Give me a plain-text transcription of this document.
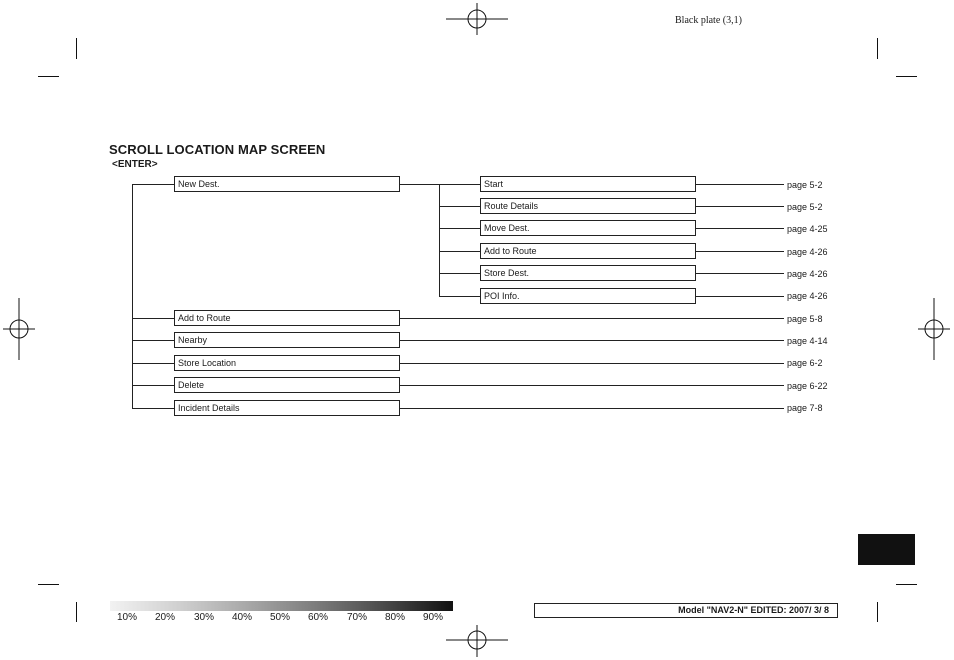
Black plate (3,1)
SCROLL LOCATION MAP SCREEN
<ENTER>
New Dest.
Add to Route
Nearby
Store Location
Delete
Incident Details
Start
Route Details
Move Dest.
Add to Route
Store Dest.
POI Info.
page 5-2
page 5-2
page 4-25
page 4-26
page 4-26
page 4-26
page 5-8
page 4-14
page 6-2
page 6-22
page 7-8
10% 20% 30% 40% 50% 60% 70% 80% 90%
Model "NAV2-N" EDITED: 2007/ 3/ 8
